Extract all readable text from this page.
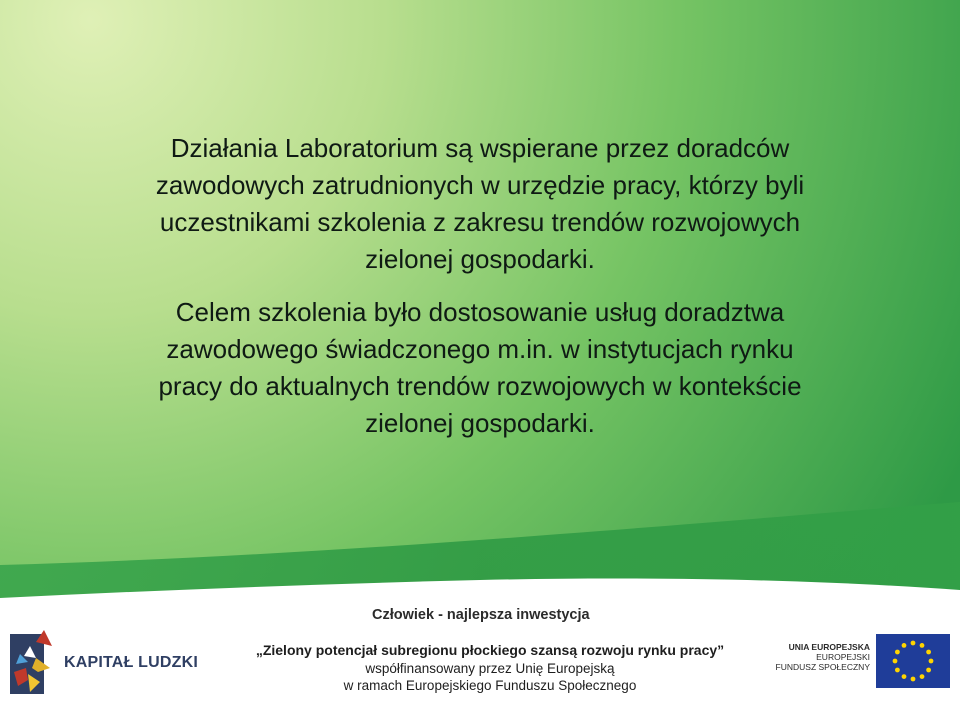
Działania Laboratorium są wspierane przez doradców
zawodowych zatrudnionych w urzędzie pracy, którzy byli
uczestnikami szkolenia z zakresu trendów rozwojowych
zielonej gospodarki.
Celem szkolenia było dostosowanie usług doradztwa
zawodowego świadczonego m.in. w instytucjach rynku
pracy do aktualnych trendów rozwojowych w kontekście
zielonej gospodarki.
Człowiek - najlepsza inwestycja
KAPITAŁ LUDZKI
„Zielony potencjał subregionu płockiego szansą rozwoju rynku pracy”
współfinansowany przez Unię Europejską
w ramach Europejskiego Funduszu Społecznego
UNIA EUROPEJSKA
EUROPEJSKI
FUNDUSZ SPOŁECZNY
